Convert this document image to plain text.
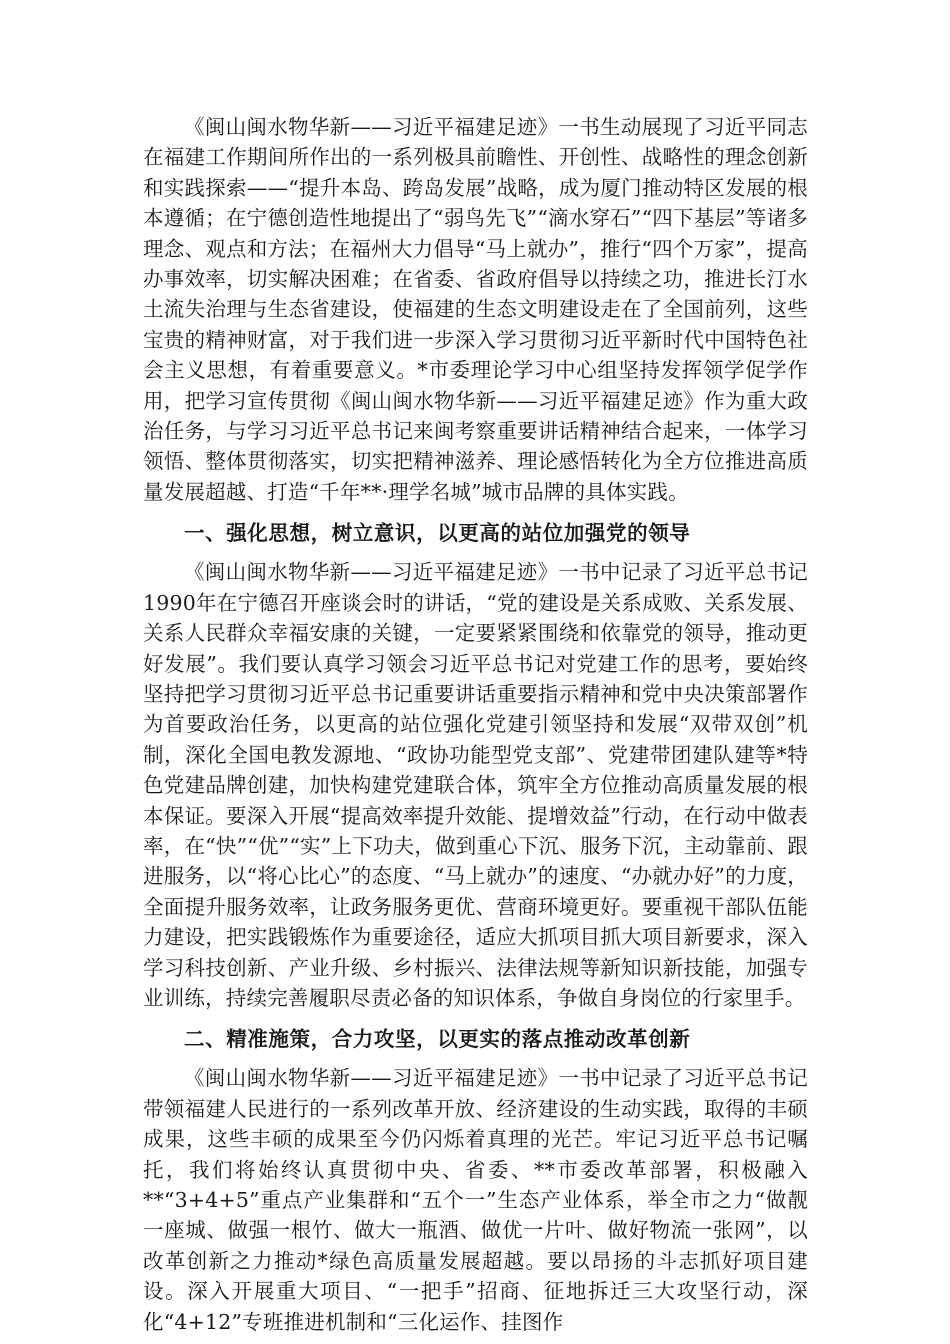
《闽山闽水物华新——习近平福建足迹》一书生动展现了习近平同志在福建工作期间所作出的一系列极具前瞻性、开创性、战略性的理念创新和实践探索——“提升本岛、跨岛发展”战略，成为厦门推动特区发展的根本遵循；在宁德创造性地提出了“弱鸟先飞”“滴水穿石”“四下基层”等诸多理念、观点和方法；在福州大力倡导“马上就办”，推行“四个万家”，提高办事效率，切实解决困难；在省委、省政府倡导以持续之功，推进长汀水土流失治理与生态省建设，使福建的生态文明建设走在了全国前列，这些宝贵的精神财富，对于我们进一步深入学习贯彻习近平新时代中国特色社会主义思想，有着重要意义。*市委理论学习中心组坚持发挥领学促学作用，把学习宣传贯彻《闽山闽水物华新——习近平福建足迹》作为重大政治任务，与学习习近平总书记来闽考察重要讲话精神结合起来，一体学习领悟、整体贯彻落实，切实把精神滋养、理论感悟转化为全方位推进高质量发展超越、打造“千年**·理学名城”城市品牌的具体实践。

一、强化思想，树立意识，以更高的站位加强党的领导

《闽山闽水物华新——习近平福建足迹》一书中记录了习近平总书记1990年在宁德召开座谈会时的讲话，“党的建设是关系成败、关系发展、关系人民群众幸福安康的关键，一定要紧紧围绕和依靠党的领导，推动更好发展”。我们要认真学习领会习近平总书记对党建工作的思考，要始终坚持把学习贯彻习近平总书记重要讲话重要指示精神和党中央决策部署作为首要政治任务，以更高的站位强化党建引领坚持和发展“双带双创”机制，深化全国电教发源地、“政协功能型党支部”、党建带团建队建等*特色党建品牌创建，加快构建党建联合体，筑牢全方位推动高质量发展的根本保证。要深入开展“提高效率提升效能、提增效益”行动，在行动中做表率，在“快”“优”“实”上下功夫，做到重心下沉、服务下沉，主动靠前、跟进服务，以“将心比心”的态度、“马上就办”的速度、“办就办好”的力度，全面提升服务效率，让政务服务更优、营商环境更好。要重视干部队伍能力建设，把实践锻炼作为重要途径，适应大抓项目抓大项目新要求，深入学习科技创新、产业升级、乡村振兴、法律法规等新知识新技能，加强专业训练，持续完善履职尽责必备的知识体系，争做自身岗位的行家里手。

二、精准施策，合力攻坚，以更实的落点推动改革创新

《闽山闽水物华新——习近平福建足迹》一书中记录了习近平总书记带领福建人民进行的一系列改革开放、经济建设的生动实践，取得的丰硕成果，这些丰硕的成果至今仍闪烁着真理的光芒。牢记习近平总书记嘱托，我们将始终认真贯彻中央、省委、**市委改革部署，积极融入**“3+4+5”重点产业集群和“五个一”生态产业体系，举全市之力“做靓一座城、做强一根竹、做大一瓶酒、做优一片叶、做好物流一张网”，以改革创新之力推动*绿色高质量发展超越。要以昂扬的斗志抓好项目建设。深入开展重大项目、“一把手”招商、征地拆迁三大攻坚行动，深化“4+12”专班推进机制和“三化运作、挂图作
